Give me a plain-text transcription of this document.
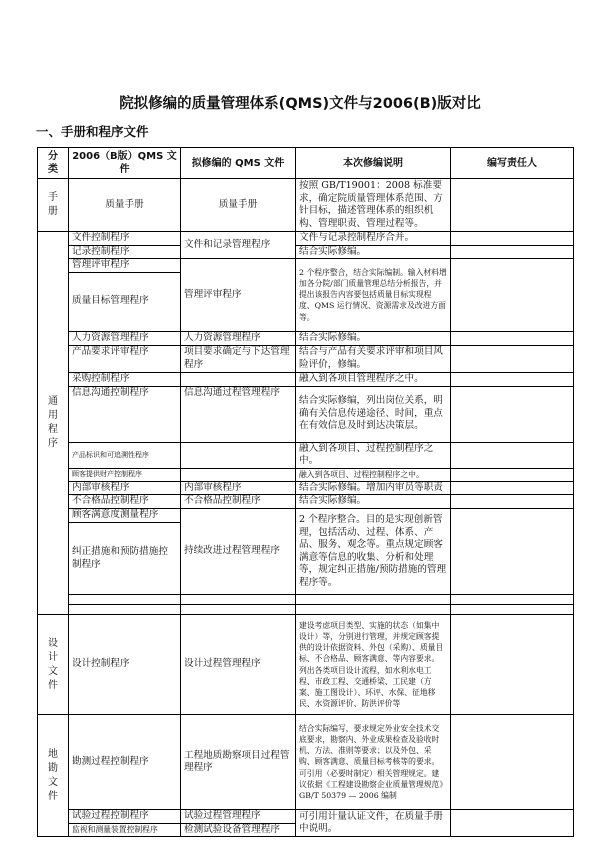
院拟修编的质量管理体系(QMS)文件与2006(B)版对比
一、手册和程序文件
分类	2006（B版）QMS 文件	拟修编的 QMS 文件	本次修编说明	编写责任人

手册	质量手册	质量手册	按照 GB/T19001：2008 标准要求，确定院质量管理体系范围、方针目标，描述管理体系的组织机构、管理职责、管理过程等。	

通用程序	文件控制程序	文件和记录管理程序	文件与记录控制程序合并。	
	记录控制程序		结合实际修编。	
	管理评审程序	管理评审程序	2 个程序整合，结合实际编制。输入材料增加各分院/部门质量管理总结分析报告，并提出该报告内容要包括质量目标实现程度、QMS 运行情况、资源需求及改进方面等。	
	质量目标管理程序			
	人力资源管理程序	人力资源管理程序	结合实际修编。	
	产品要求评审程序	项目要求确定与下达管理程序	结合与产品有关要求评审和项目风险评价，修编。	
	采购控制程序		融入到各项目管理程序之中。	
	信息沟通控制程序	信息沟通过程管理程序	结合实际修编，列出岗位关系，明确有关信息传递途径、时间，重点在有效信息及时到达决策层。	
	产品标识和可追溯性程序		融入到各项目、过程控制程序之中。	
	顾客提供财产控制程序		融入到各项目、过程控制程序之中。	
	内部审核程序	内部审核程序	结合实际修编。增加内审员等职责	
	不合格品控制程序	不合格品控制程序	结合实际修编。	
	顾客满意度测量程序	持续改进过程管理程序	2 个程序整合。目的是实现创新管理，包括活动、过程、体系、产品、服务、观念等。重点规定顾客满意等信息的收集、分析和处理等，规定纠正措施/预防措施的管理程序等。	
	纠正措施和预防措施控制程序			

设计文件	设计控制程序	设计过程管理程序	建设考虑项目类型、实施的状态（如集中设计）等，分别进行管理，并规定顾客提供的设计依据资料、外包（采购）、质量目标、不合格品、顾客满意、等内容要求。列出各类项目设计流程，如水利水电工程、市政工程、交通桥梁、工民建（方案、施工图设计）、环评、水保、征地移民、水资源评价、防洪评价等	

地勘文件	勘测过程控制程序	工程地质勘察项目过程管理程序	结合实际编写，要求规定外业安全技术交底要求，勘察内、外业成果检查及验收时机、方法、准则等要求；以及外包、采购、顾客满意、质量目标考核等的要求。可引用（必要时制定）相关管理规定。建议依据《工程建设勘察企业质量管理规范》GB/T 50379 — 2006 编制	
	试验过程控制程序	试验过程管理程序	可引用计量认证文件，在质量手册中说明。	
	监视和测量装置控制程序	检测试验设备管理程序		
